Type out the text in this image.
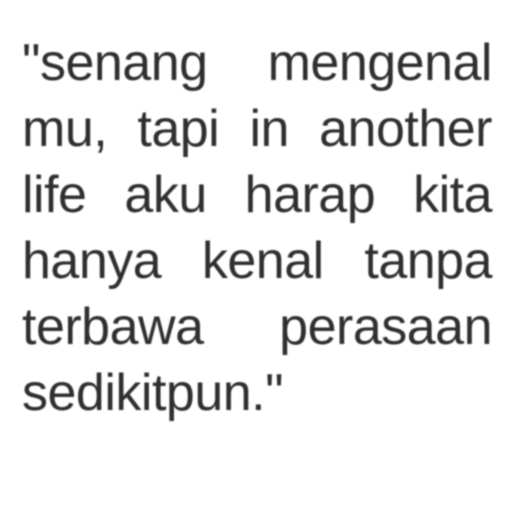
"senang mengenal
mu, tapi in another
life aku harap kita
hanya kenal tanpa
terbawa perasaan
sedikitpun."
